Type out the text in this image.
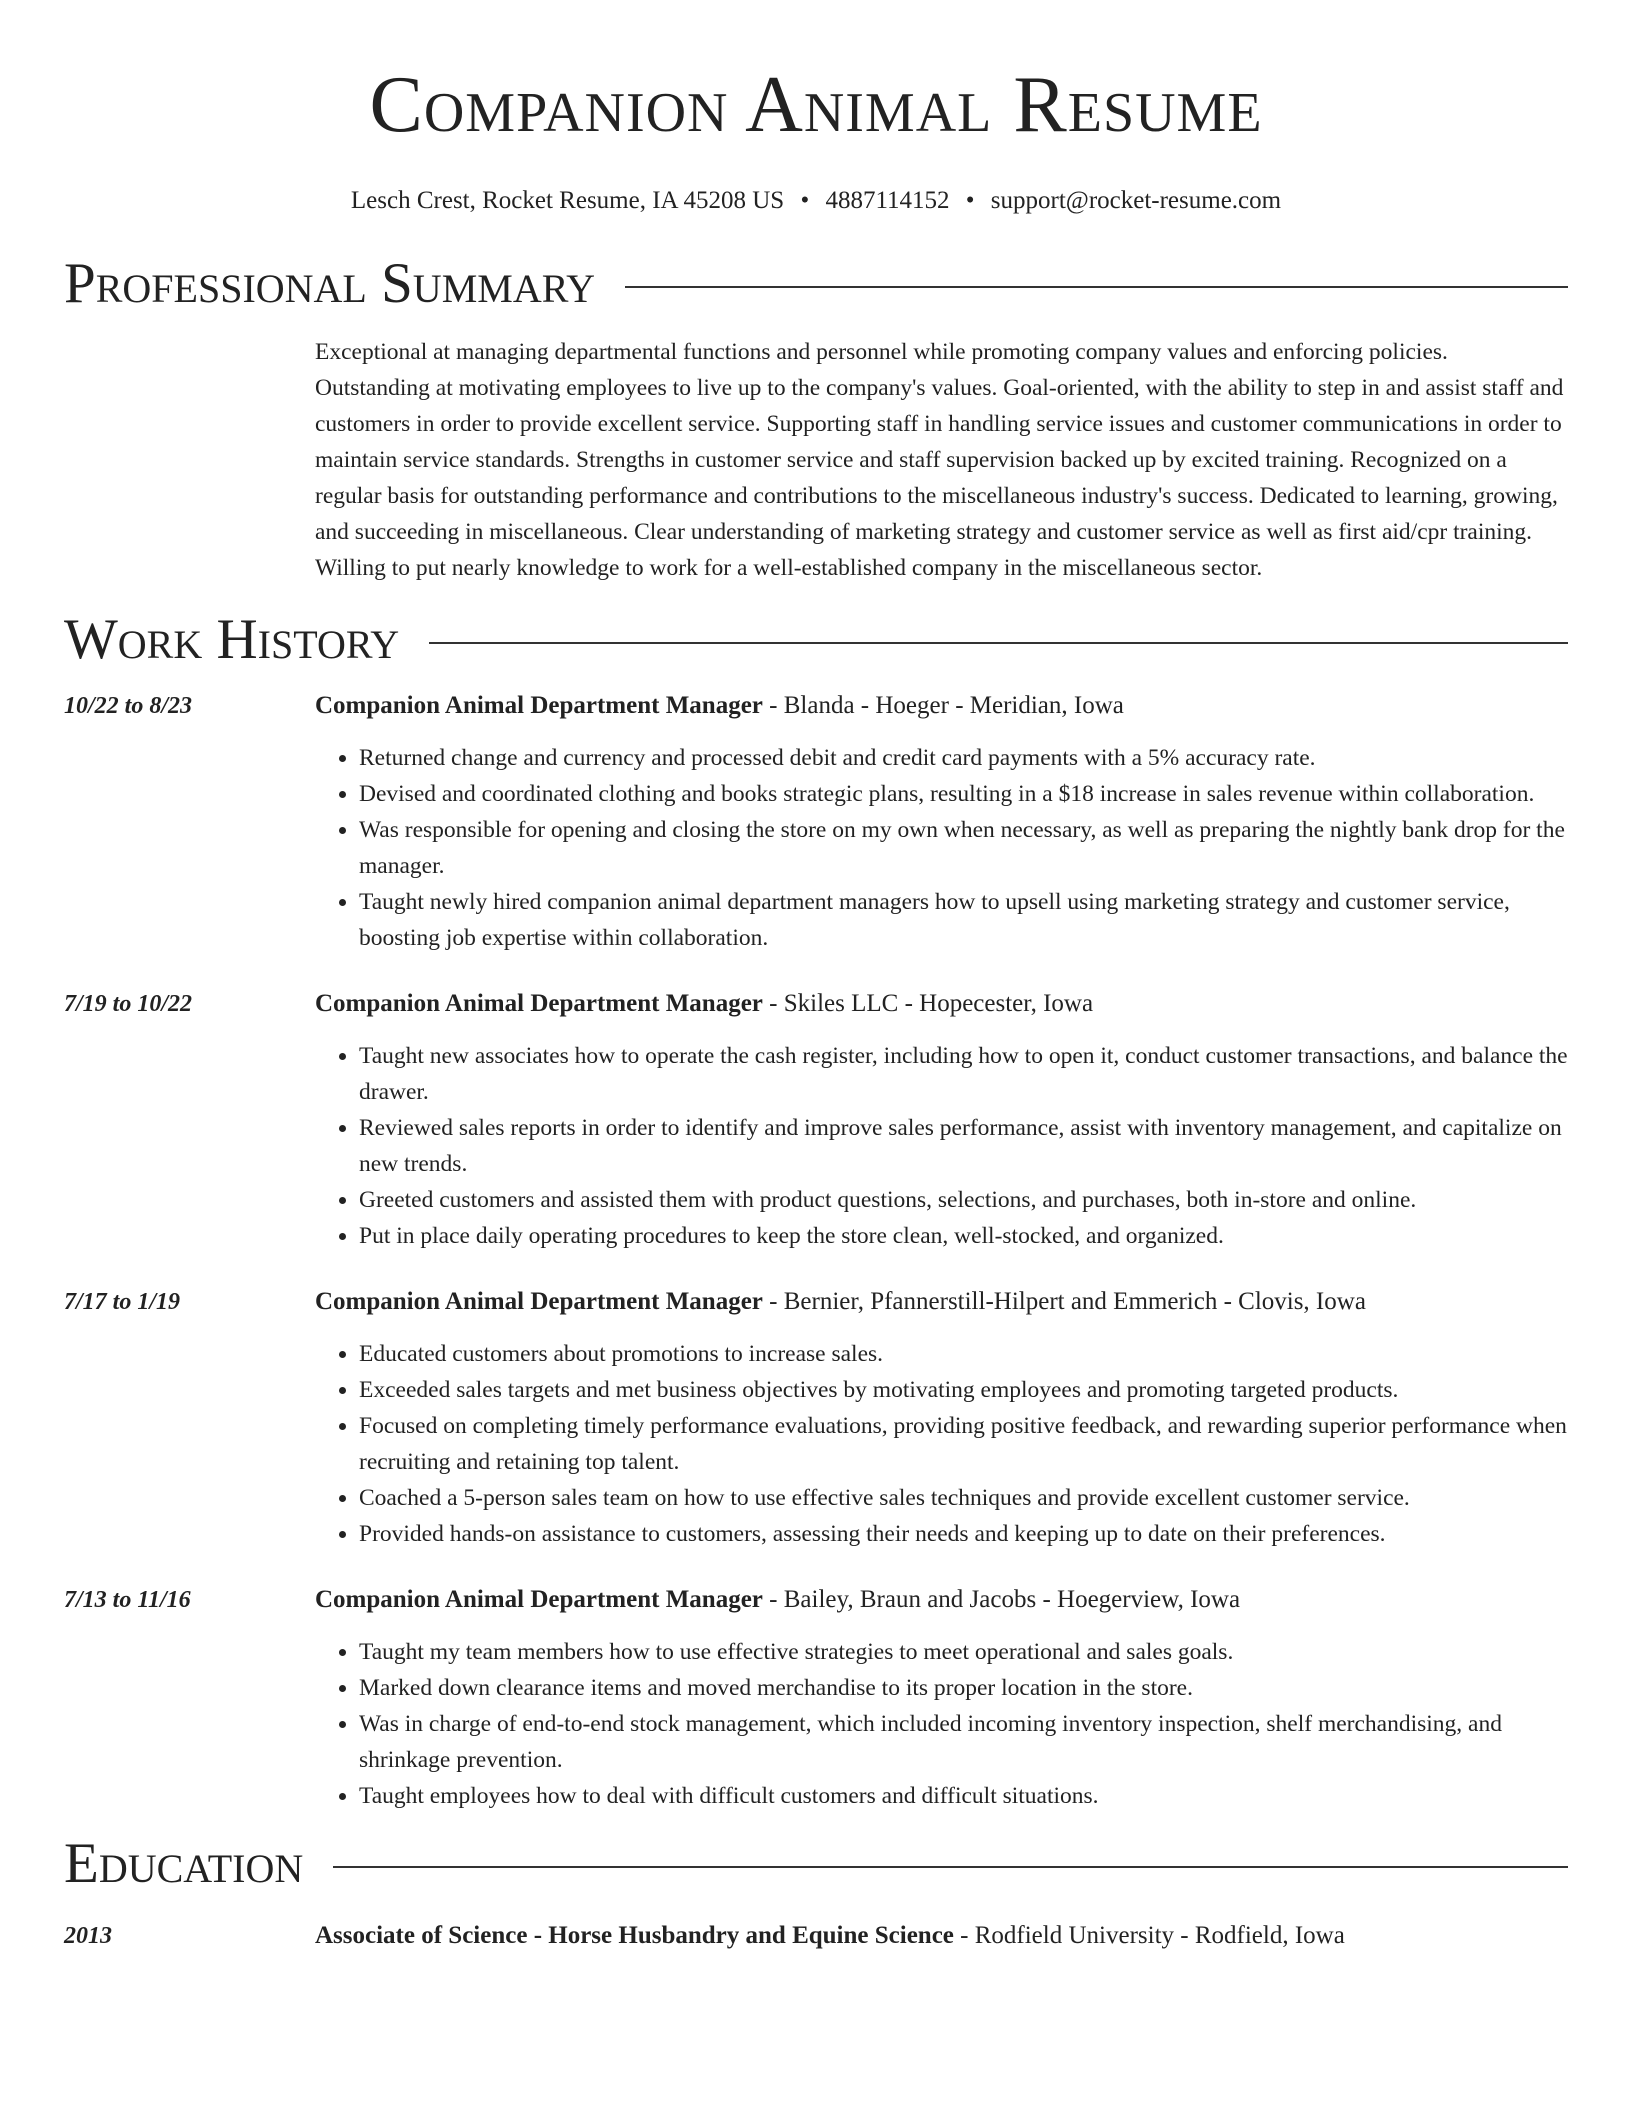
Companion Animal Resume
Lesch Crest, Rocket Resume, IA 45208 US • 4887114152 • support@rocket-resume.com
Professional Summary
Exceptional at managing departmental functions and personnel while promoting company values and enforcing policies. Outstanding at motivating employees to live up to the company's values. Goal-oriented, with the ability to step in and assist staff and customers in order to provide excellent service. Supporting staff in handling service issues and customer communications in order to maintain service standards. Strengths in customer service and staff supervision backed up by excited training. Recognized on a regular basis for outstanding performance and contributions to the miscellaneous industry's success. Dedicated to learning, growing, and succeeding in miscellaneous. Clear understanding of marketing strategy and customer service as well as first aid/cpr training. Willing to put nearly knowledge to work for a well-established company in the miscellaneous sector.
Work History
10/22 to 8/23	Companion Animal Department Manager - Blanda - Hoeger - Meridian, Iowa
• Returned change and currency and processed debit and credit card payments with a 5% accuracy rate.
• Devised and coordinated clothing and books strategic plans, resulting in a $18 increase in sales revenue within collaboration.
• Was responsible for opening and closing the store on my own when necessary, as well as preparing the nightly bank drop for the manager.
• Taught newly hired companion animal department managers how to upsell using marketing strategy and customer service, boosting job expertise within collaboration.
7/19 to 10/22	Companion Animal Department Manager - Skiles LLC - Hopecester, Iowa
• Taught new associates how to operate the cash register, including how to open it, conduct customer transactions, and balance the drawer.
• Reviewed sales reports in order to identify and improve sales performance, assist with inventory management, and capitalize on new trends.
• Greeted customers and assisted them with product questions, selections, and purchases, both in-store and online.
• Put in place daily operating procedures to keep the store clean, well-stocked, and organized.
7/17 to 1/19	Companion Animal Department Manager - Bernier, Pfannerstill-Hilpert and Emmerich - Clovis, Iowa
• Educated customers about promotions to increase sales.
• Exceeded sales targets and met business objectives by motivating employees and promoting targeted products.
• Focused on completing timely performance evaluations, providing positive feedback, and rewarding superior performance when recruiting and retaining top talent.
• Coached a 5-person sales team on how to use effective sales techniques and provide excellent customer service.
• Provided hands-on assistance to customers, assessing their needs and keeping up to date on their preferences.
7/13 to 11/16	Companion Animal Department Manager - Bailey, Braun and Jacobs - Hoegerview, Iowa
• Taught my team members how to use effective strategies to meet operational and sales goals.
• Marked down clearance items and moved merchandise to its proper location in the store.
• Was in charge of end-to-end stock management, which included incoming inventory inspection, shelf merchandising, and shrinkage prevention.
• Taught employees how to deal with difficult customers and difficult situations.
Education
2013	Associate of Science - Horse Husbandry and Equine Science - Rodfield University - Rodfield, Iowa
